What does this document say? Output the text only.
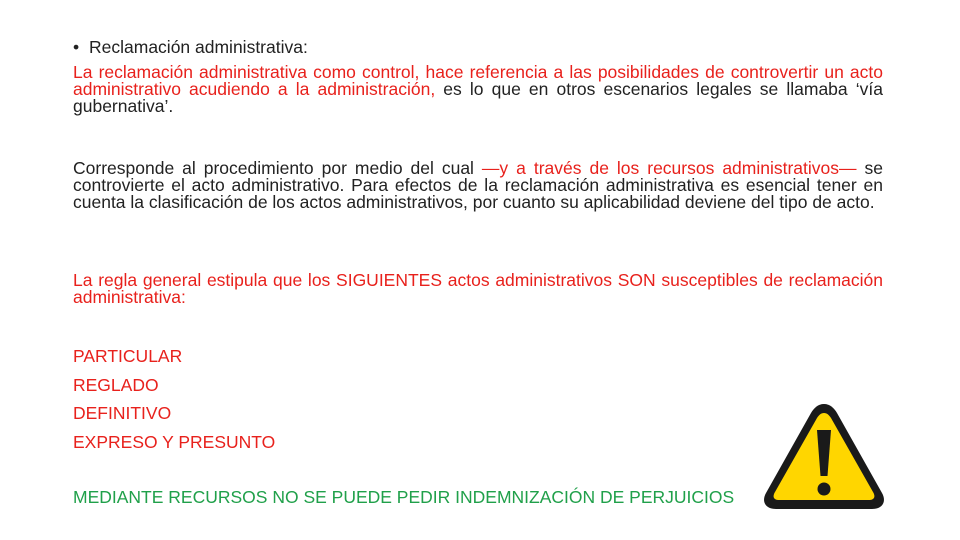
• Reclamación administrativa:
La reclamación administrativa como control, hace referencia a las posibilidades de controvertir un acto administrativo acudiendo a la administración, es lo que en otros escenarios legales se llamaba ‘vía gubernativa’.
Corresponde al procedimiento por medio del cual —y a través de los recursos administrativos— se controvierte el acto administrativo. Para efectos de la reclamación administrativa es esencial tener en cuenta la clasificación de los actos administrativos, por cuanto su aplicabilidad deviene del tipo de acto.
La regla general estipula que los SIGUIENTES actos administrativos SON susceptibles de reclamación administrativa:
PARTICULAR
REGLADO
DEFINITIVO
EXPRESO Y PRESUNTO
MEDIANTE RECURSOS NO SE PUEDE PEDIR INDEMNIZACIÓN DE PERJUICIOS
